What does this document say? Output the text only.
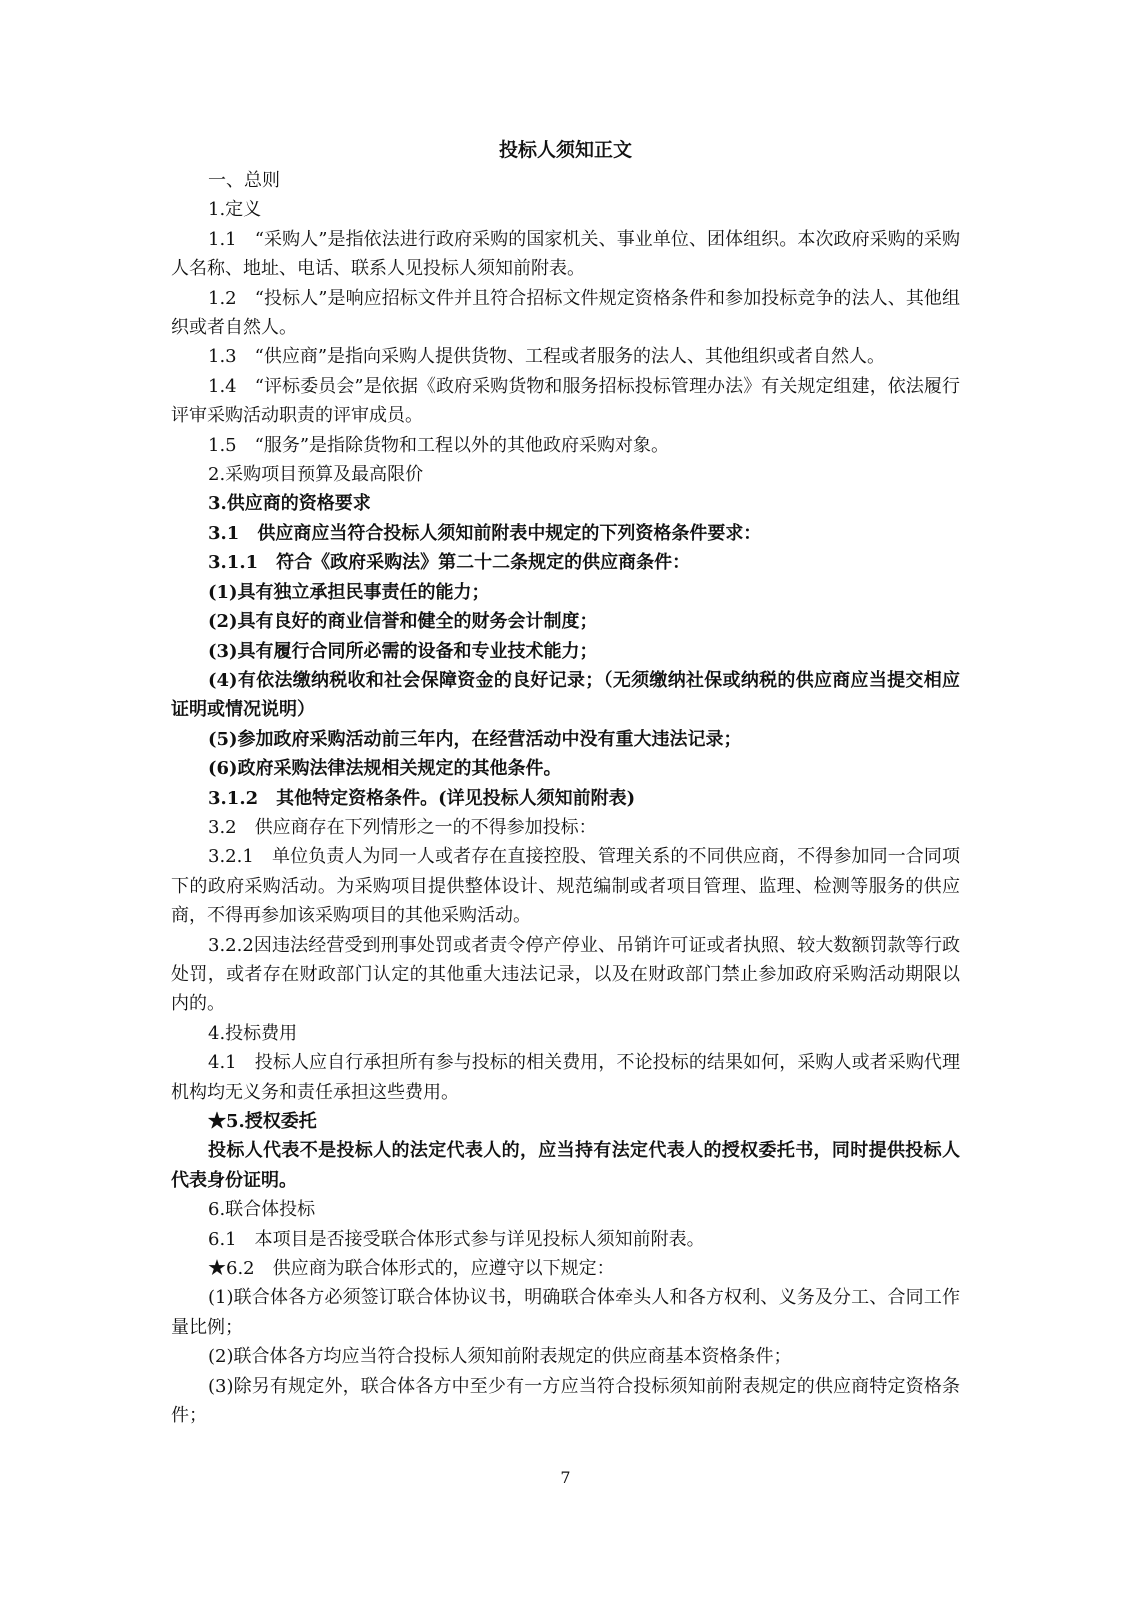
投标人须知正文

一、总则

1.定义

1.1　“采购人”是指依法进行政府采购的国家机关、事业单位、团体组织。本次政府采购的采购人名称、地址、电话、联系人见投标人须知前附表。

1.2　“投标人”是响应招标文件并且符合招标文件规定资格条件和参加投标竞争的法人、其他组织或者自然人。

1.3　“供应商”是指向采购人提供货物、工程或者服务的法人、其他组织或者自然人。

1.4　“评标委员会”是依据《政府采购货物和服务招标投标管理办法》有关规定组建，依法履行评审采购活动职责的评审成员。

1.5　“服务”是指除货物和工程以外的其他政府采购对象。

2.采购项目预算及最高限价

3.供应商的资格要求

3.1　供应商应当符合投标人须知前附表中规定的下列资格条件要求：

3.1.1　符合《政府采购法》第二十二条规定的供应商条件：

(1)具有独立承担民事责任的能力；

(2)具有良好的商业信誉和健全的财务会计制度；

(3)具有履行合同所必需的设备和专业技术能力；

(4)有依法缴纳税收和社会保障资金的良好记录；（无须缴纳社保或纳税的供应商应当提交相应证明或情况说明）

(5)参加政府采购活动前三年内，在经营活动中没有重大违法记录；

(6)政府采购法律法规相关规定的其他条件。

3.1.2　其他特定资格条件。(详见投标人须知前附表)

3.2　供应商存在下列情形之一的不得参加投标：

3.2.1　单位负责人为同一人或者存在直接控股、管理关系的不同供应商，不得参加同一合同项下的政府采购活动。为采购项目提供整体设计、规范编制或者项目管理、监理、检测等服务的供应商，不得再参加该采购项目的其他采购活动。

3.2.2因违法经营受到刑事处罚或者责令停产停业、吊销许可证或者执照、较大数额罚款等行政处罚，或者存在财政部门认定的其他重大违法记录，以及在财政部门禁止参加政府采购活动期限以内的。

4.投标费用

4.1　投标人应自行承担所有参与投标的相关费用，不论投标的结果如何，采购人或者采购代理机构均无义务和责任承担这些费用。

★5.授权委托

投标人代表不是投标人的法定代表人的，应当持有法定代表人的授权委托书，同时提供投标人代表身份证明。

6.联合体投标

6.1　本项目是否接受联合体形式参与详见投标人须知前附表。

★6.2　供应商为联合体形式的，应遵守以下规定：

(1)联合体各方必须签订联合体协议书，明确联合体牵头人和各方权利、义务及分工、合同工作量比例；

(2)联合体各方均应当符合投标人须知前附表规定的供应商基本资格条件；

(3)除另有规定外，联合体各方中至少有一方应当符合投标须知前附表规定的供应商特定资格条件；

7
